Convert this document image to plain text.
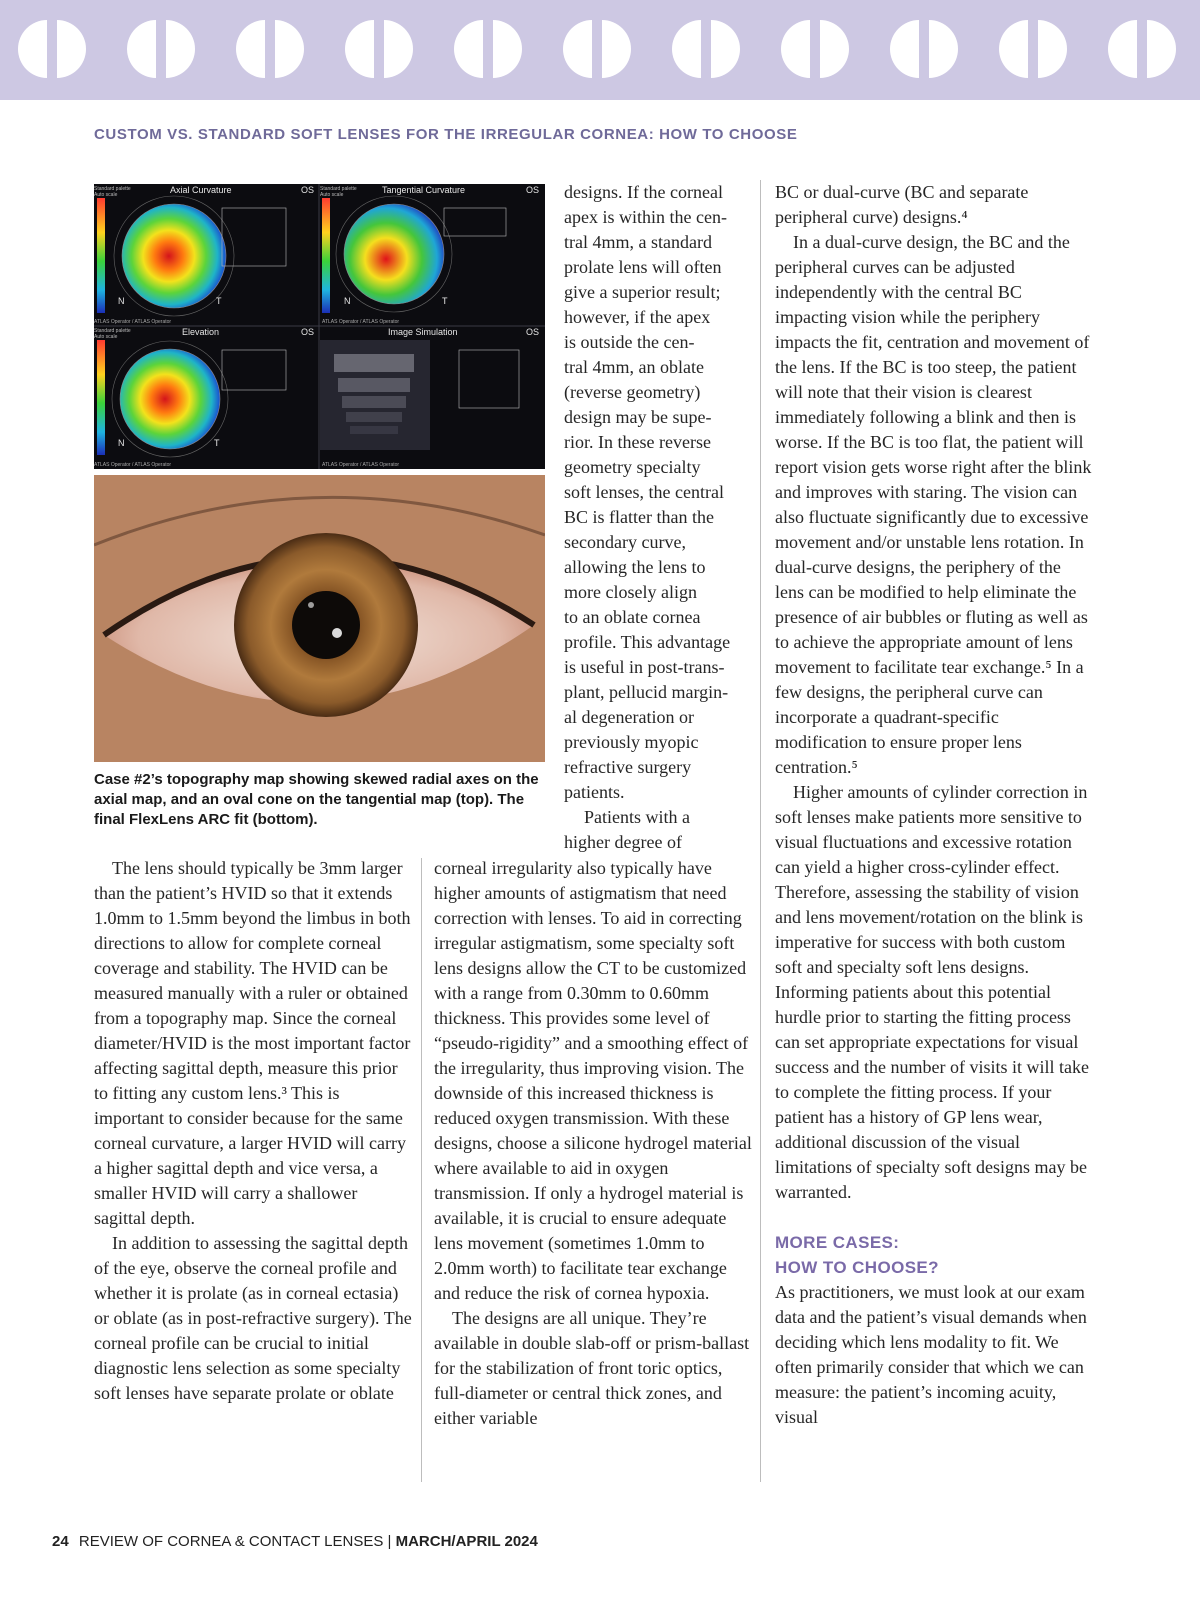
CUSTOM VS. STANDARD SOFT LENSES FOR THE IRREGULAR CORNEA: HOW TO CHOOSE
Axial Curvature	OS	Tangential Curvature	OS
Elevation	OS	Image Simulation	OS
Standard palette
Auto scale
Standard palette
Auto scale
Standard palette
Auto scale
N	T	N	T
N	T
ATLAS Operator / ATLAS Operator	ATLAS Operator / ATLAS Operator
ATLAS Operator / ATLAS Operator	ATLAS Operator / ATLAS Operator
Case #2’s topography map showing skewed radial axes on the axial map, and an oval cone on the tangential map (top). The final FlexLens ARC fit (bottom).

designs. If the corneal

apex is within the cen-

tral 4mm, a standard

prolate lens will often

give a superior result;

however, if the apex

is outside the cen-

tral 4mm, an oblate

(reverse geometry)

design may be supe-

rior. In these reverse

geometry specialty

soft lenses, the central

BC is flatter than the

secondary curve,

allowing the lens to

more closely align

to an oblate cornea

profile. This advantage

is useful in post-trans-

plant, pellucid margin-

al degeneration or

previously myopic

refractive surgery

patients.

Patients with a

higher degree of

The lens should typically be 3mm larger than the patient’s HVID so that it extends 1.0mm to 1.5mm beyond the limbus in both directions to allow for complete corneal coverage and stability. The HVID can be measured manually with a ruler or obtained from a topography map. Since the corneal diameter/HVID is the most important factor affecting sagittal depth, measure this prior to fitting any custom lens.³ This is important to consider because for the same corneal curvature, a larger HVID will carry a higher sagittal depth and vice versa, a smaller HVID will carry a shallower sagittal depth.

In addition to assessing the sagittal depth of the eye, observe the corneal profile and whether it is prolate (as in corneal ectasia) or oblate (as in post-refractive surgery). The corneal profile can be crucial to initial diagnostic lens selection as some specialty soft lenses have separate prolate or oblate

corneal irregularity also typically have higher amounts of astigmatism that need correction with lenses. To aid in correcting irregular astigmatism, some specialty soft lens designs allow the CT to be customized with a range from 0.30mm to 0.60mm thickness. This provides some level of “pseudo-rigidity” and a smoothing effect of the irregularity, thus improving vision. The downside of this increased thickness is reduced oxygen transmission. With these designs, choose a silicone hydrogel material where available to aid in oxygen transmission. If only a hydrogel material is available, it is crucial to ensure adequate lens movement (sometimes 1.0mm to 2.0mm worth) to facilitate tear exchange and reduce the risk of cornea hypoxia.

The designs are all unique. They’re available in double slab-off or prism-ballast for the stabilization of front toric optics, full-diameter or central thick zones, and either variable

BC or dual-curve (BC and separate peripheral curve) designs.⁴

In a dual-curve design, the BC and the peripheral curves can be adjusted independently with the central BC impacting vision while the periphery impacts the fit, centration and movement of the lens. If the BC is too steep, the patient will note that their vision is clearest immediately following a blink and then is worse. If the BC is too flat, the patient will report vision gets worse right after the blink and improves with staring. The vision can also fluctuate significantly due to excessive movement and/or unstable lens rotation. In dual-curve designs, the periphery of the lens can be modified to help eliminate the presence of air bubbles or fluting as well as to achieve the appropriate amount of lens movement to facilitate tear exchange.⁵ In a few designs, the peripheral curve can incorporate a quadrant-specific modification to ensure proper lens centration.⁵

Higher amounts of cylinder correction in soft lenses make patients more sensitive to visual fluctuations and excessive rotation can yield a higher cross-cylinder effect. Therefore, assessing the stability of vision and lens movement/rotation on the blink is imperative for success with both custom soft and specialty soft lens designs. Informing patients about this potential hurdle prior to starting the fitting process can set appropriate expectations for visual success and the number of visits it will take to complete the fitting process. If your patient has a history of GP lens wear, additional discussion of the visual limitations of specialty soft designs may be warranted.

MORE CASES:
HOW TO CHOOSE?

As practitioners, we must look at our exam data and the patient’s visual demands when deciding which lens modality to fit. We often primarily consider that which we can measure: the patient’s incoming acuity, visual

24 REVIEW OF CORNEA & CONTACT LENSES | MARCH/APRIL 2024
